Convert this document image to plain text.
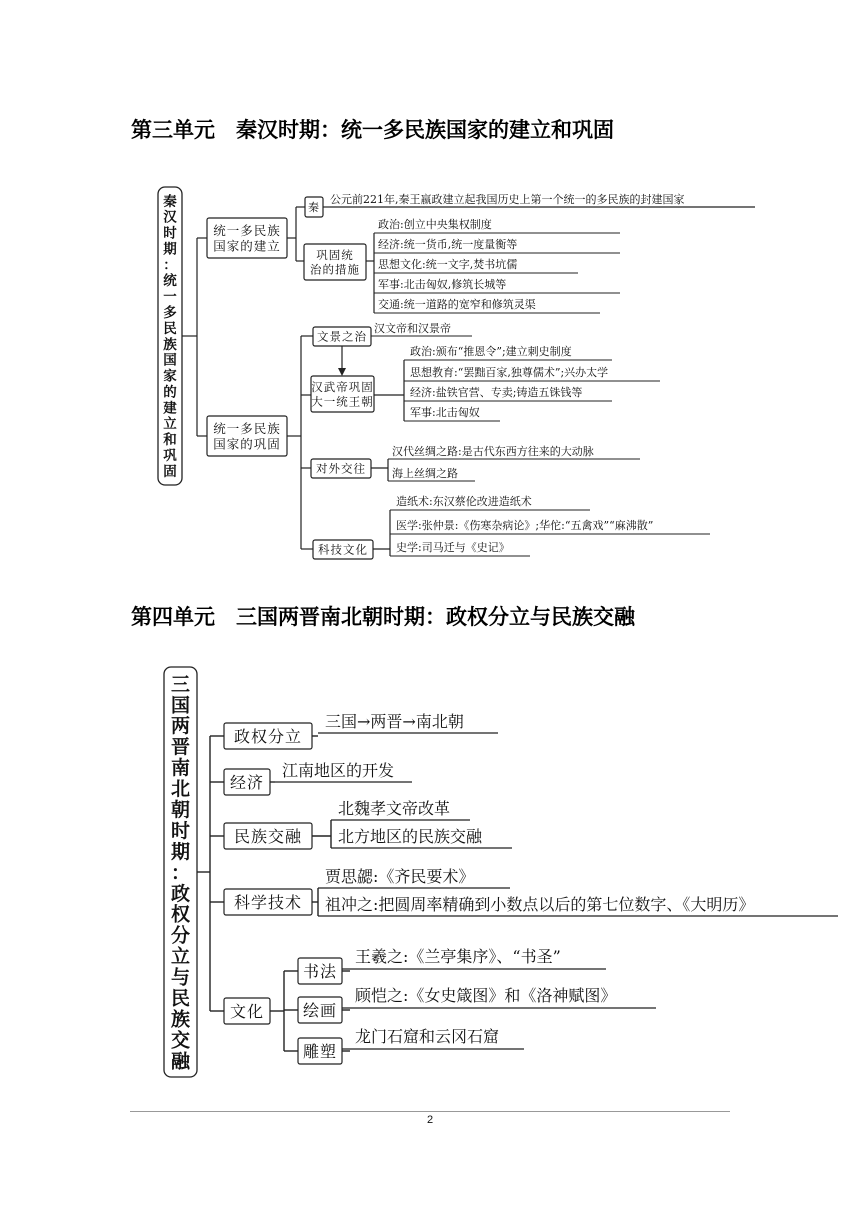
第三单元　秦汉时期：统一多民族国家的建立和巩固
秦
汉
时
期
：
统
一
多
民
族
国
家
的
建
立
和
巩
固
统一多民族
国家的建立
统一多民族
国家的巩固
秦
公元前221年,秦王嬴政建立起我国历史上第一个统一的多民族的封建国家
巩固统
治的措施
政治:创立中央集权制度
经济:统一货币,统一度量衡等
思想文化:统一文字,焚书坑儒
军事:北击匈奴,修筑长城等
交通:统一道路的宽窄和修筑灵渠
文景之治
汉文帝和汉景帝
汉武帝巩固
大一统王朝
政治:颁布“推恩令”;建立刺史制度
思想教育:“罢黜百家,独尊儒术”;兴办太学
经济:盐铁官营、专卖;铸造五铢钱等
军事:北击匈奴
对外交往
汉代丝绸之路:是古代东西方往来的大动脉
海上丝绸之路
科技文化
造纸术:东汉蔡伦改进造纸术
医学:张仲景:《伤寒杂病论》;华佗:“五禽戏”“麻沸散”
史学:司马迁与《史记》
第四单元　三国两晋南北朝时期：政权分立与民族交融
三
国
两
晋
南
北
朝
时
期
：
政
权
分
立
与
民
族
交
融
政权分立
经济
民族交融
科学技术
文化
三国→两晋→南北朝
江南地区的开发
北魏孝文帝改革
北方地区的民族交融
贾思勰:《齐民要术》
祖冲之:把圆周率精确到小数点以后的第七位数字、《大明历》
书法
王羲之:《兰亭集序》、“书圣”
绘画
顾恺之:《女史箴图》和《洛神赋图》
雕塑
龙门石窟和云冈石窟
2
